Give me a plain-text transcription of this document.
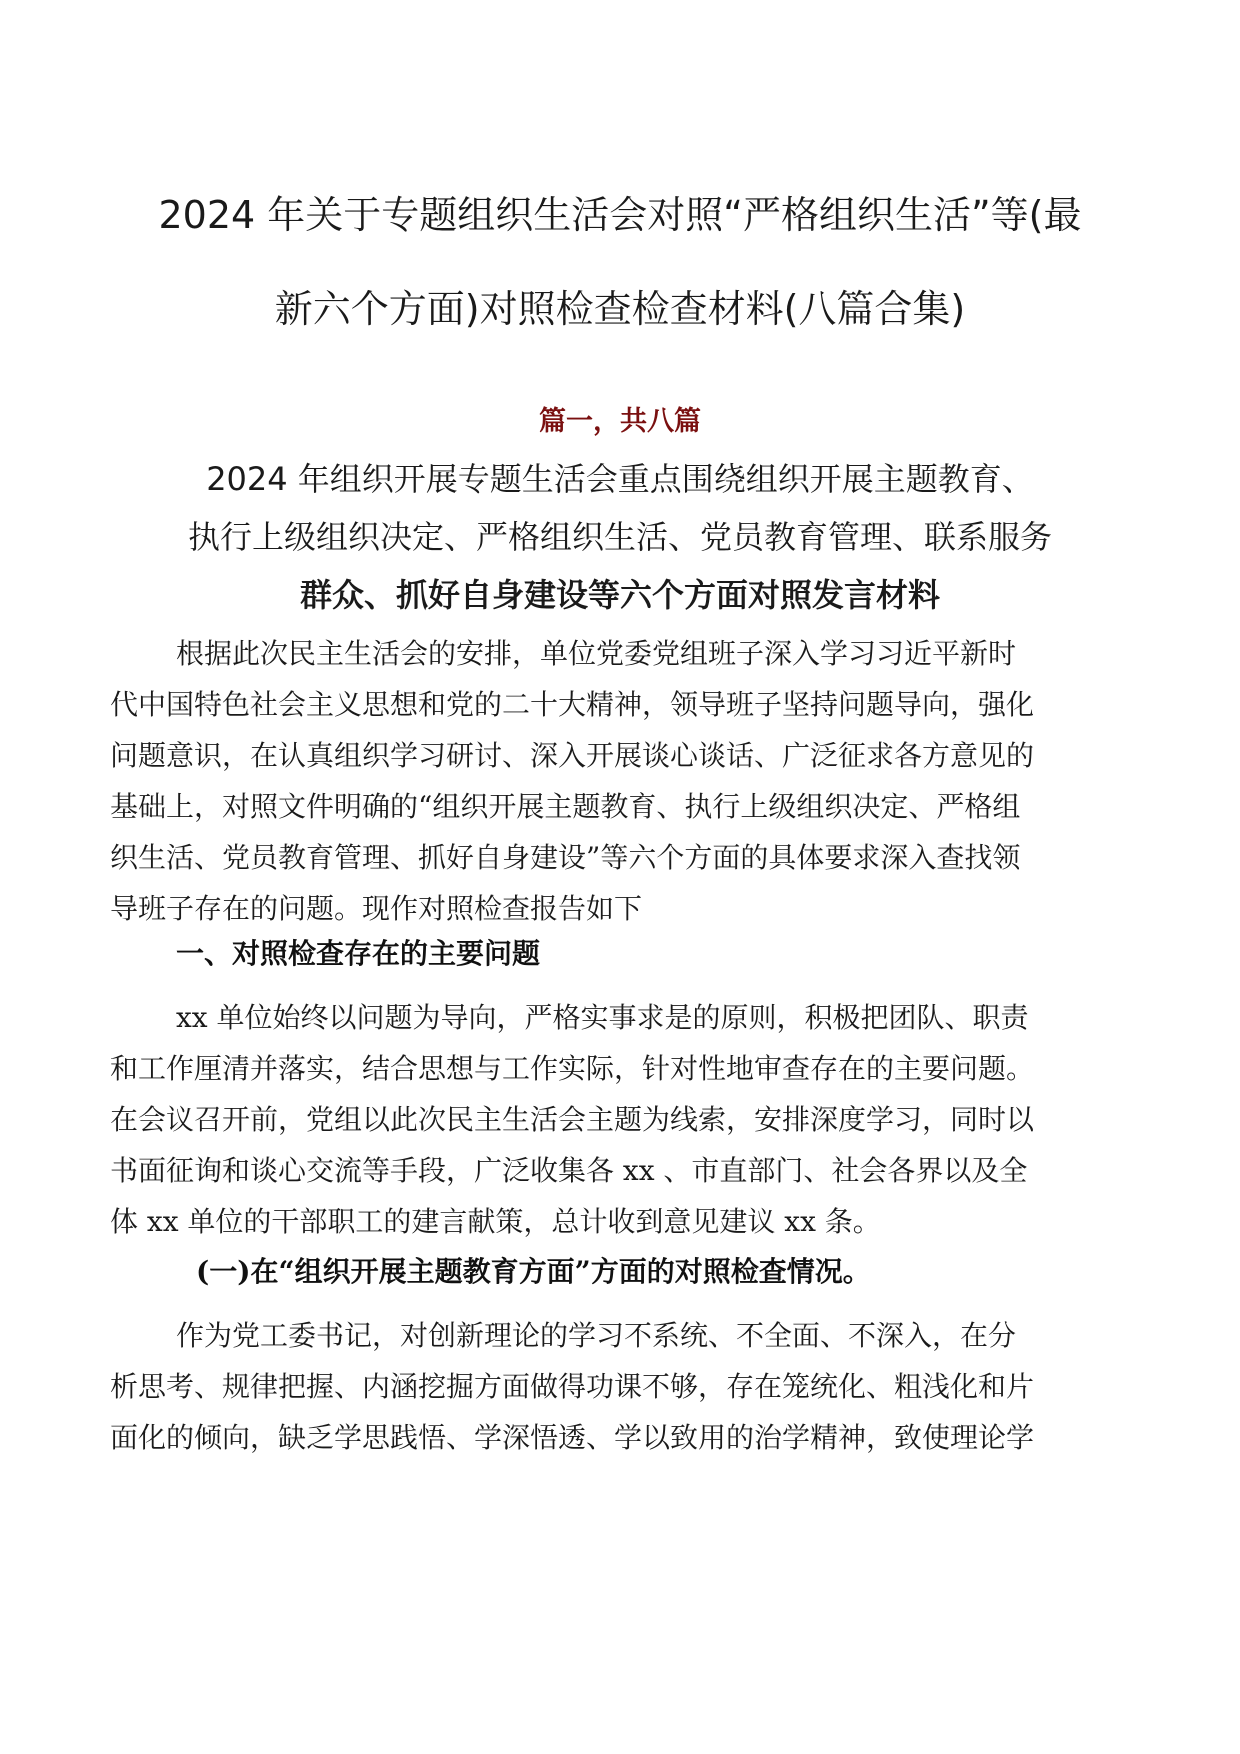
2024 年关于专题组织生活会对照“严格组织生活”等(最
新六个方面)对照检查检查材料(八篇合集)
篇一，共八篇
2024 年组织开展专题生活会重点围绕组织开展主题教育、
执行上级组织决定、严格组织生活、党员教育管理、联系服务
群众、抓好自身建设等六个方面对照发言材料
根据此次民主生活会的安排，单位党委党组班子深入学习习近平新时
代中国特色社会主义思想和党的二十大精神，领导班子坚持问题导向，强化
问题意识，在认真组织学习研讨、深入开展谈心谈话、广泛征求各方意见的
基础上，对照文件明确的“组织开展主题教育、执行上级组织决定、严格组
织生活、党员教育管理、抓好自身建设”等六个方面的具体要求深入查找领
导班子存在的问题。现作对照检查报告如下
一、对照检查存在的主要问题
xx 单位始终以问题为导向，严格实事求是的原则，积极把团队、职责
和工作厘清并落实，结合思想与工作实际，针对性地审查存在的主要问题。
在会议召开前，党组以此次民主生活会主题为线索，安排深度学习，同时以
书面征询和谈心交流等手段，广泛收集各 xx 、市直部门、社会各界以及全
体 xx 单位的干部职工的建言献策，总计收到意见建议 xx 条。
(一)在“组织开展主题教育方面”方面的对照检查情况。
作为党工委书记，对创新理论的学习不系统、不全面、不深入，在分
析思考、规律把握、内涵挖掘方面做得功课不够，存在笼统化、粗浅化和片
面化的倾向，缺乏学思践悟、学深悟透、学以致用的治学精神，致使理论学
